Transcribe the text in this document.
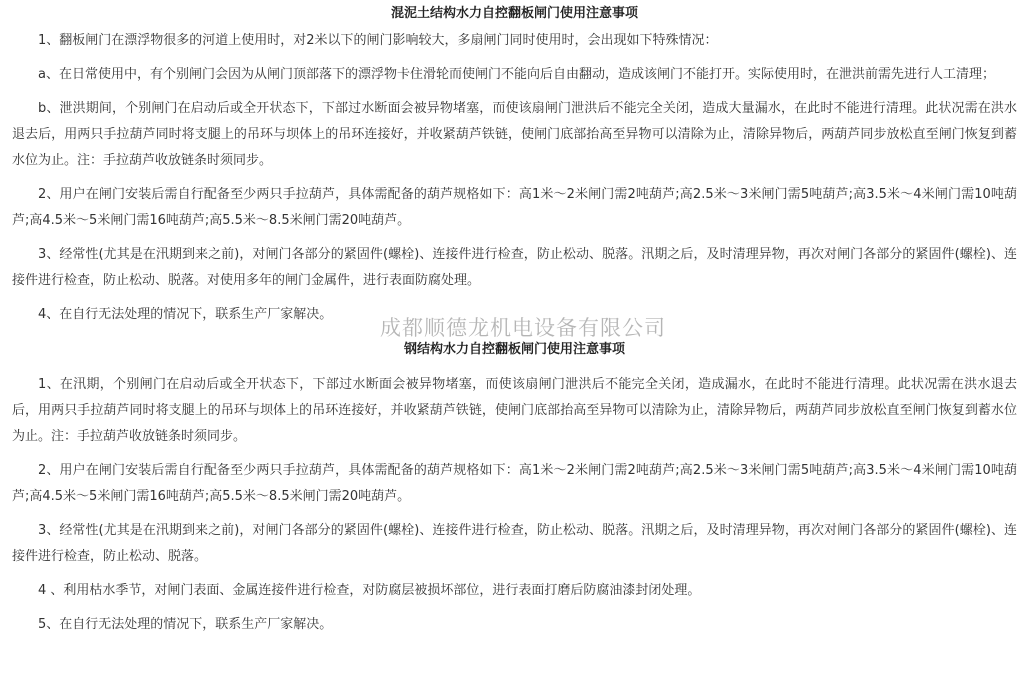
混泥土结构水力自控翻板闸门使用注意事项

1、翻板闸门在漂浮物很多的河道上使用时，对2米以下的闸门影响较大，多扇闸门同时使用时，会出现如下特殊情况：

a、在日常使用中，有个别闸门会因为从闸门顶部落下的漂浮物卡住滑轮而使闸门不能向后自由翻动，造成该闸门不能打开。实际使用时，在泄洪前需先进行人工清理；

b、泄洪期间，个别闸门在启动后或全开状态下，下部过水断面会被异物堵塞，而使该扇闸门泄洪后不能完全关闭，造成大量漏水，在此时不能进行清理。此状况需在洪水退去后，用两只手拉葫芦同时将支腿上的吊环与坝体上的吊环连接好，并收紧葫芦铁链，使闸门底部抬高至异物可以清除为止，清除异物后，两葫芦同步放松直至闸门恢复到蓄水位为止。注：手拉葫芦收放链条时须同步。

2、用户在闸门安装后需自行配备至少两只手拉葫芦，具体需配备的葫芦规格如下：高1米～2米闸门需2吨葫芦;高2.5米～3米闸门需5吨葫芦;高3.5米～4米闸门需10吨葫芦;高4.5米～5米闸门需16吨葫芦;高5.5米～8.5米闸门需20吨葫芦。

3、经常性(尤其是在汛期到来之前)，对闸门各部分的紧固件(螺栓)、连接件进行检查，防止松动、脱落。汛期之后，及时清理异物，再次对闸门各部分的紧固件(螺栓)、连接件进行检查，防止松动、脱落。对使用多年的闸门金属件，进行表面防腐处理。

4、在自行无法处理的情况下，联系生产厂家解决。

钢结构水力自控翻板闸门使用注意事项

1、在汛期，个别闸门在启动后或全开状态下，下部过水断面会被异物堵塞，而使该扇闸门泄洪后不能完全关闭，造成漏水，在此时不能进行清理。此状况需在洪水退去后，用两只手拉葫芦同时将支腿上的吊环与坝体上的吊环连接好，并收紧葫芦铁链，使闸门底部抬高至异物可以清除为止，清除异物后，两葫芦同步放松直至闸门恢复到蓄水位为止。注：手拉葫芦收放链条时须同步。

2、用户在闸门安装后需自行配备至少两只手拉葫芦，具体需配备的葫芦规格如下：高1米～2米闸门需2吨葫芦;高2.5米～3米闸门需5吨葫芦;高3.5米～4米闸门需10吨葫芦;高4.5米～5米闸门需16吨葫芦;高5.5米～8.5米闸门需20吨葫芦。

3、经常性(尤其是在汛期到来之前)，对闸门各部分的紧固件(螺栓)、连接件进行检查，防止松动、脱落。汛期之后，及时清理异物，再次对闸门各部分的紧固件(螺栓)、连接件进行检查，防止松动、脱落。

4 、利用枯水季节，对闸门表面、金属连接件进行检查，对防腐层被损坏部位，进行表面打磨后防腐油漆封闭处理。

5、在自行无法处理的情况下，联系生产厂家解决。

成都顺德龙机电设备有限公司
